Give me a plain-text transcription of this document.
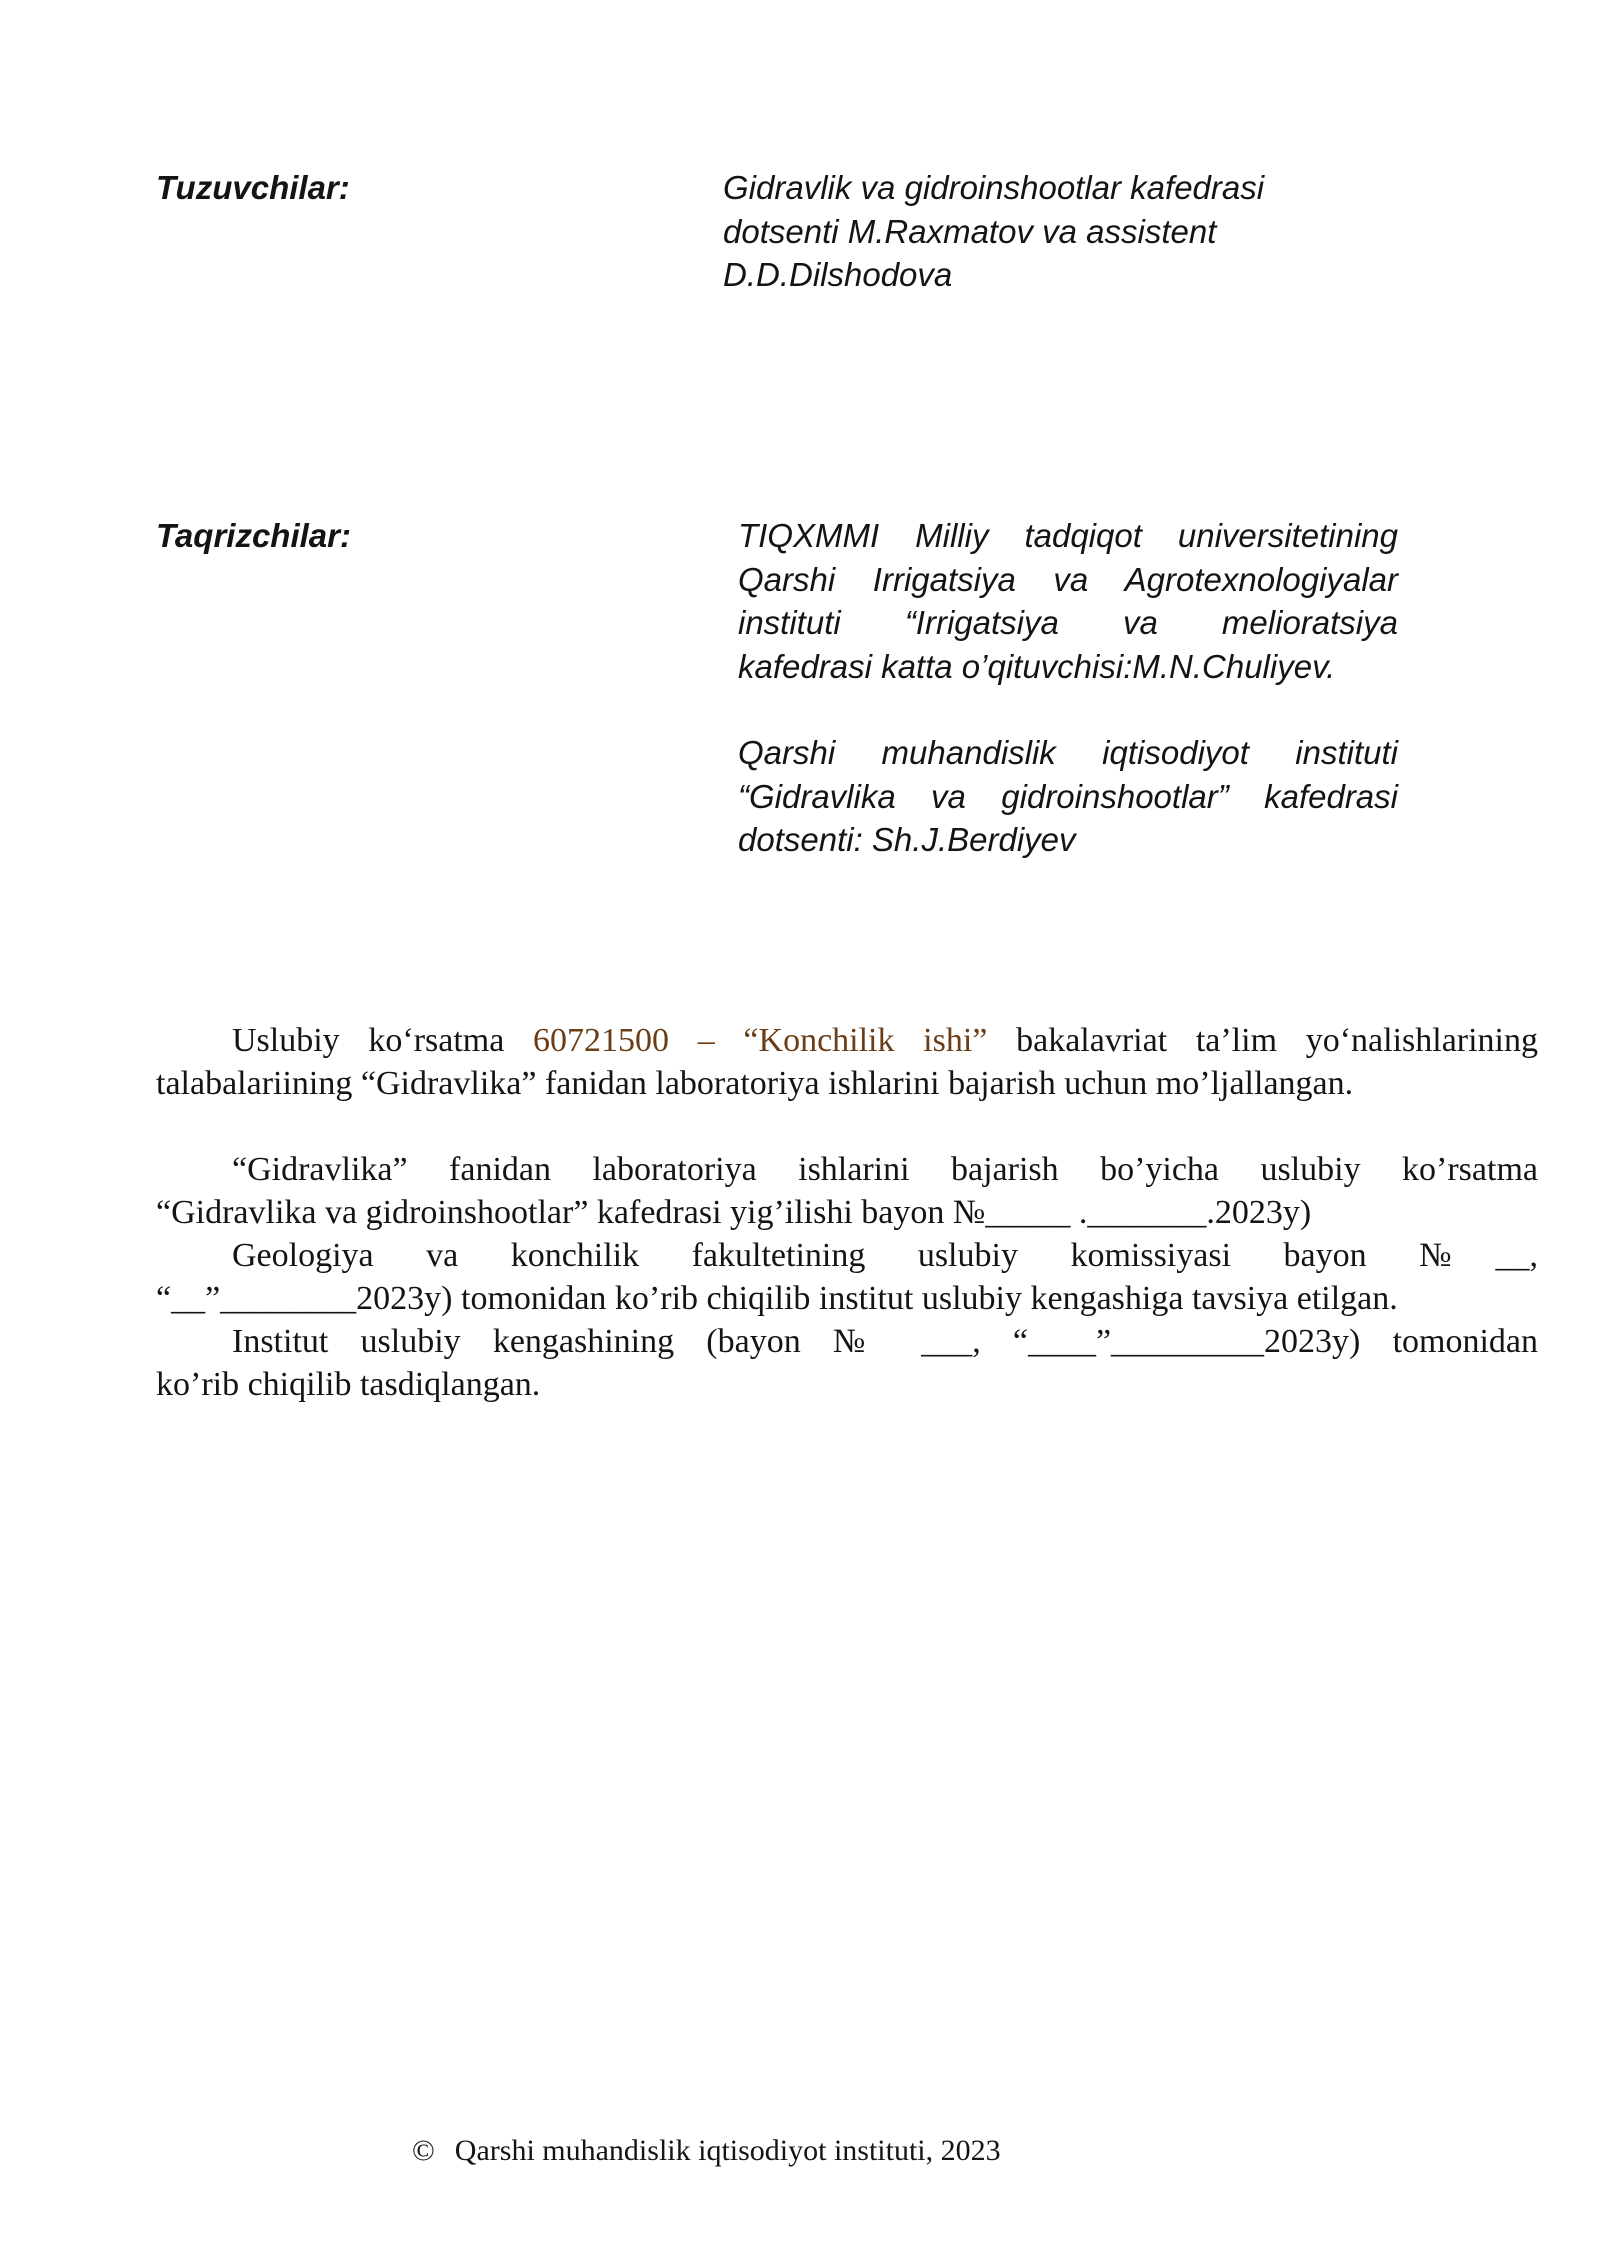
Tuzuvchilar:	Gidravlik va gidroinshootlar kafedrasi
dotsenti M.Raxmatov va assistent
D.D.Dilshodova

Taqrizchilar:	TIQXMMI Milliy tadqiqot universitetining
Qarshi Irrigatsiya va Agrotexnologiyalar
instituti “Irrigatsiya va melioratsiya
kafedrasi katta o’qituvchisi:M.N.Chuliyev.
Qarshi muhandislik iqtisodiyot instituti
“Gidravlika va gidroinshootlar” kafedrasi
dotsenti: Sh.J.Berdiyev
Uslubiy ko‘rsatma 60721500 – “Konchilik ishi” bakalavriat ta’lim yo‘nalishlarining
talabalariining “Gidravlika” fanidan laboratoriya ishlarini bajarish uchun mo’ljallangan.
“Gidravlika” fanidan laboratoriya ishlarini bajarish bo’yicha uslubiy ko’rsatma
“Gidravlika va gidroinshootlar” kafedrasi yig’ilishi bayon №_____ ._______.2023y)
Geologiya va konchilik fakultetining uslubiy komissiyasi bayon №__,
“__”________2023y) tomonidan ko’rib chiqilib institut uslubiy kengashiga tavsiya etilgan.
Institut uslubiy kengashining (bayon № ___, “____”_________2023y) tomonidan
ko’rib chiqilib tasdiqlangan.

© Qarshi muhandislik iqtisodiyot instituti, 2023
